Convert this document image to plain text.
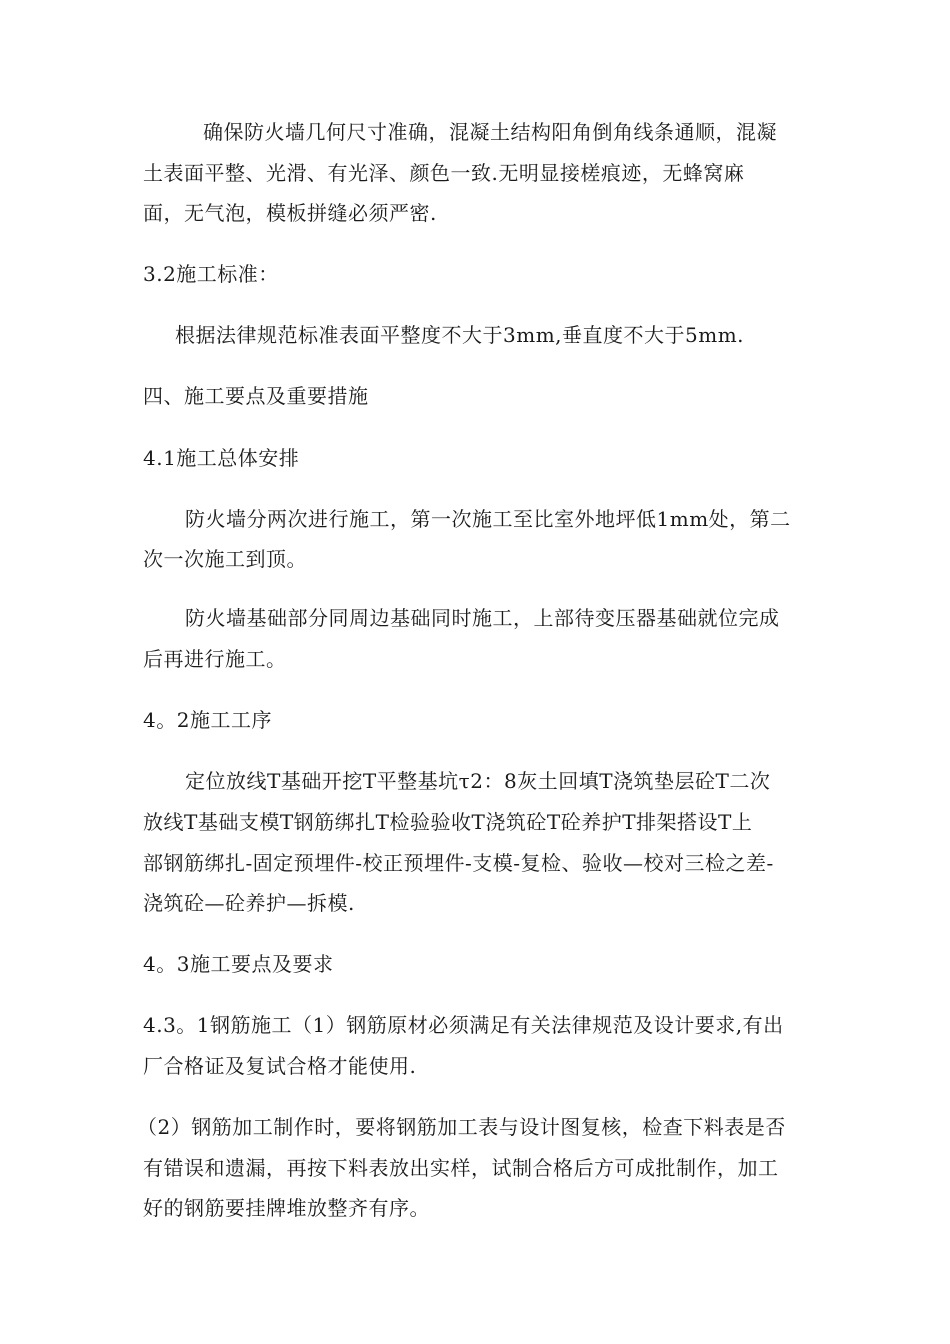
确保防火墙几何尺寸准确，混凝土结构阳角倒角线条通顺，混凝
土表面平整、光滑、有光泽、颜色一致.无明显接槎痕迹，无蜂窝麻
面，无气泡，模板拼缝必须严密.
3.2施工标准：
根据法律规范标准表面平整度不大于3mm,垂直度不大于5mm.
四、施工要点及重要措施
4.1施工总体安排
防火墙分两次进行施工，第一次施工至比室外地坪低1mm处，第二
次一次施工到顶。
防火墙基础部分同周边基础同时施工，上部待变压器基础就位完成
后再进行施工。
4。2施工工序
定位放线T基础开挖T平整基坑τ2：8灰土回填T浇筑垫层砼T二次
放线T基础支模T钢筋绑扎T检验验收T浇筑砼T砼养护T排架搭设T上
部钢筋绑扎-固定预埋件-校正预埋件-支模-复检、验收—校对三检之差-
浇筑砼—砼养护—拆模.
4。3施工要点及要求
4.3。1钢筋施工（1）钢筋原材必须满足有关法律规范及设计要求,有出
厂合格证及复试合格才能使用.
（2）钢筋加工制作时，要将钢筋加工表与设计图复核，检查下料表是否
有错误和遗漏，再按下料表放出实样，试制合格后方可成批制作，加工
好的钢筋要挂牌堆放整齐有序。
